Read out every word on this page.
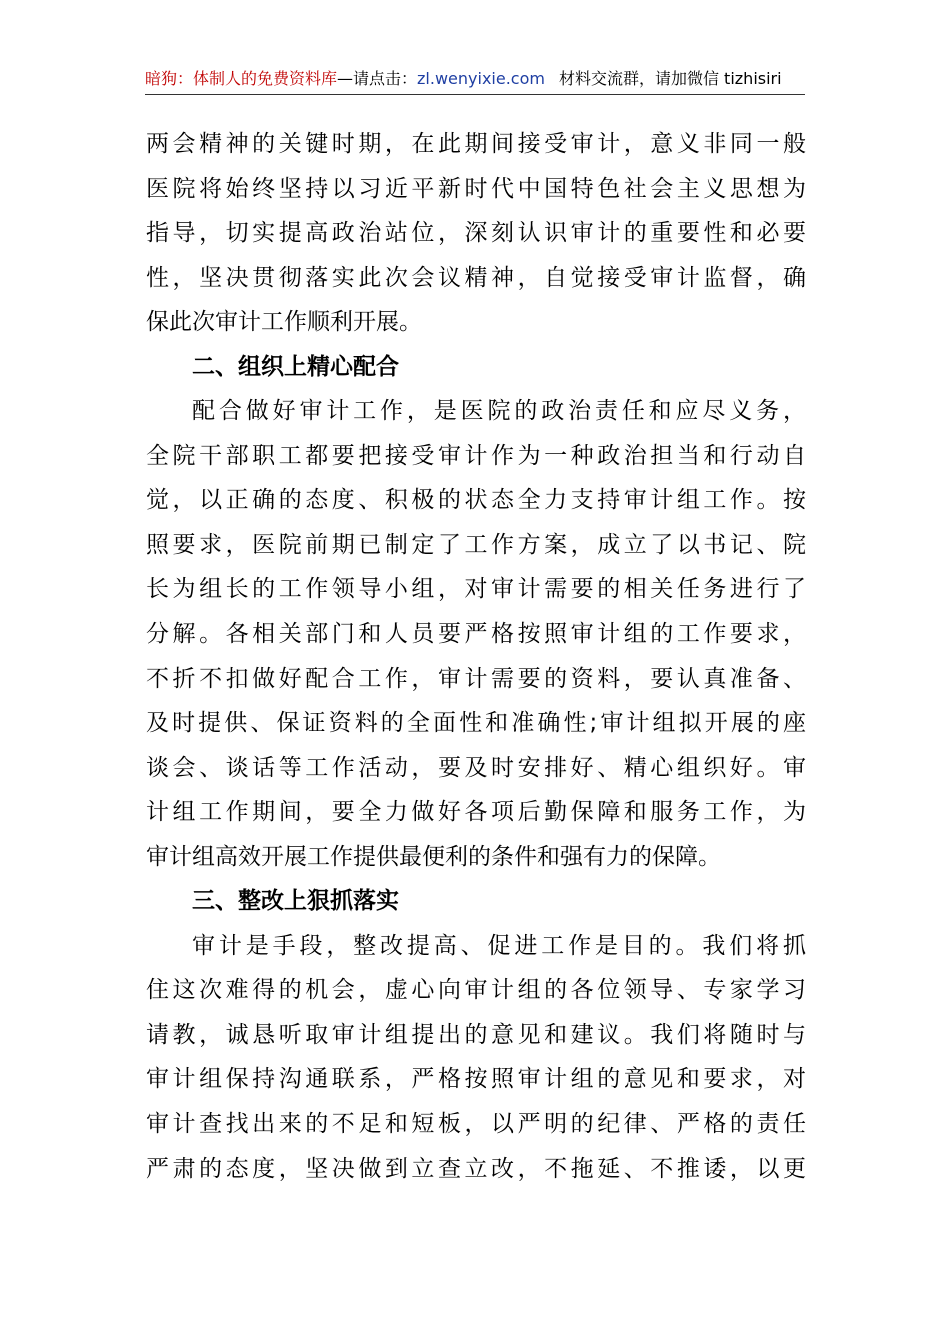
暗狗：体制人的免费资料库—请点击：zl.wenyixie.com 材料交流群，请加微信 tizhisiri
两会精神的关键时期，在此期间接受审计，意义非同一般
医院将始终坚持以习近平新时代中国特色社会主义思想为
指导，切实提高政治站位，深刻认识审计的重要性和必要
性，坚决贯彻落实此次会议精神，自觉接受审计监督，确
保此次审计工作顺利开展。
二、组织上精心配合
配合做好审计工作，是医院的政治责任和应尽义务，
全院干部职工都要把接受审计作为一种政治担当和行动自
觉，以正确的态度、积极的状态全力支持审计组工作。按
照要求，医院前期已制定了工作方案，成立了以书记、院
长为组长的工作领导小组，对审计需要的相关任务进行了
分解。各相关部门和人员要严格按照审计组的工作要求，
不折不扣做好配合工作，审计需要的资料，要认真准备、
及时提供、保证资料的全面性和准确性;审计组拟开展的座
谈会、谈话等工作活动，要及时安排好、精心组织好。审
计组工作期间，要全力做好各项后勤保障和服务工作，为
审计组高效开展工作提供最便利的条件和强有力的保障。
三、整改上狠抓落实
审计是手段，整改提高、促进工作是目的。我们将抓
住这次难得的机会，虚心向审计组的各位领导、专家学习
请教，诚恳听取审计组提出的意见和建议。我们将随时与
审计组保持沟通联系，严格按照审计组的意见和要求，对
审计查找出来的不足和短板，以严明的纪律、严格的责任
严肃的态度，坚决做到立查立改，不拖延、不推诿，以更
